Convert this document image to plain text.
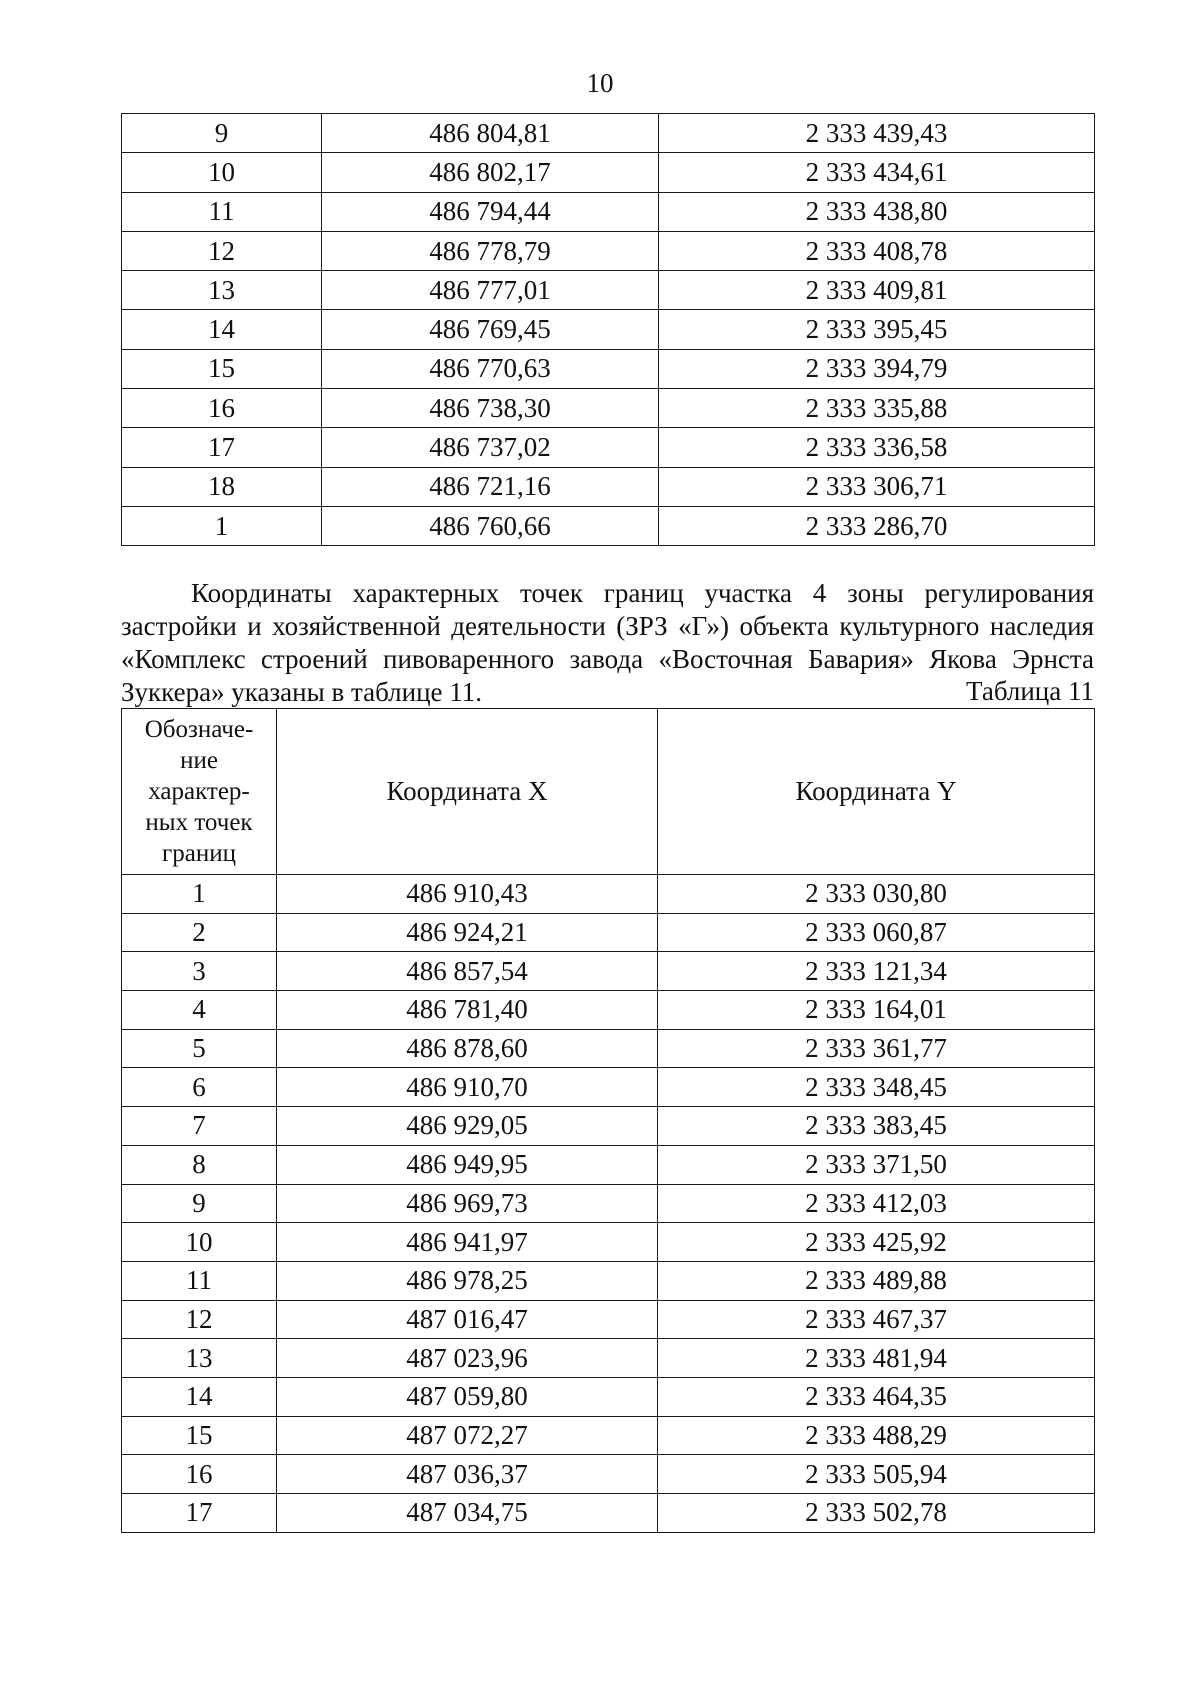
10
9	486 804,81	2 333 439,43
10	486 802,17	2 333 434,61
11	486 794,44	2 333 438,80
12	486 778,79	2 333 408,78
13	486 777,01	2 333 409,81
14	486 769,45	2 333 395,45
15	486 770,63	2 333 394,79
16	486 738,30	2 333 335,88
17	486 737,02	2 333 336,58
18	486 721,16	2 333 306,71
1	486 760,66	2 333 286,70

Координаты характерных точек границ участка 4 зоны регулирования застройки и хозяйственной деятельности (ЗРЗ «Г») объекта культурного наследия «Комплекс строений пивоваренного завода «Восточная Бавария» Якова Эрнста Зуккера» указаны в таблице 11.	Таблица 11
Обозначе-
ние
характер-
ных точек
границ	Координата X	Координата Y
1	486 910,43	2 333 030,80
2	486 924,21	2 333 060,87
3	486 857,54	2 333 121,34
4	486 781,40	2 333 164,01
5	486 878,60	2 333 361,77
6	486 910,70	2 333 348,45
7	486 929,05	2 333 383,45
8	486 949,95	2 333 371,50
9	486 969,73	2 333 412,03
10	486 941,97	2 333 425,92
11	486 978,25	2 333 489,88
12	487 016,47	2 333 467,37
13	487 023,96	2 333 481,94
14	487 059,80	2 333 464,35
15	487 072,27	2 333 488,29
16	487 036,37	2 333 505,94
17	487 034,75	2 333 502,78
